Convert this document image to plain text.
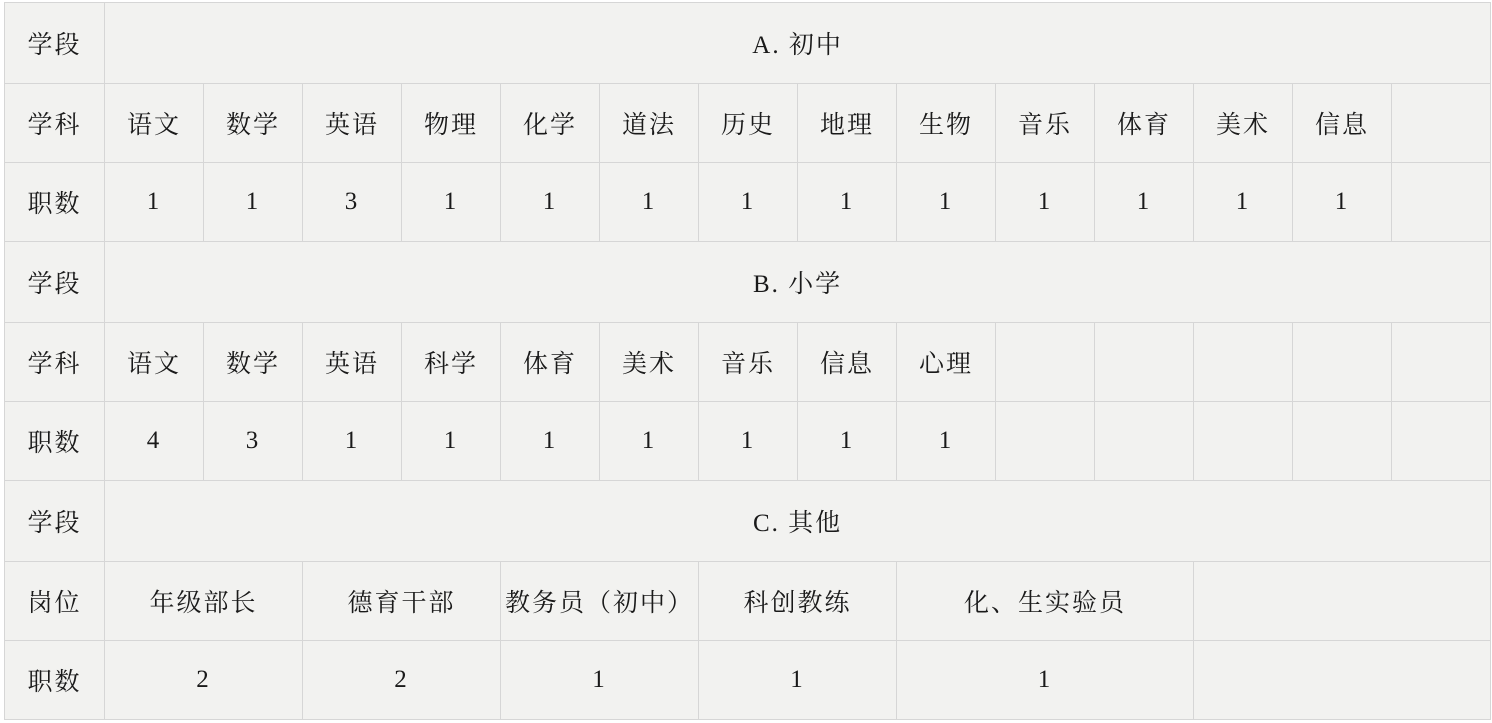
学段	A. 初中													
学科	语文	数学	英语	物理	化学	道法	历史	地理	生物	音乐	体育	美术	信息	
职数	1	1	3	1	1	1	1	1	1	1	1	1	1	
学段	B. 小学													
学科	语文	数学	英语	科学	体育	美术	音乐	信息	心理					
职数	4	3	1	1	1	1	1	1	1					
学段	C. 其他													
岗位	年级部长		德育干部		教务员（初中）		科创教练		化、生实验员					
职数	2		2		1		1		1					
